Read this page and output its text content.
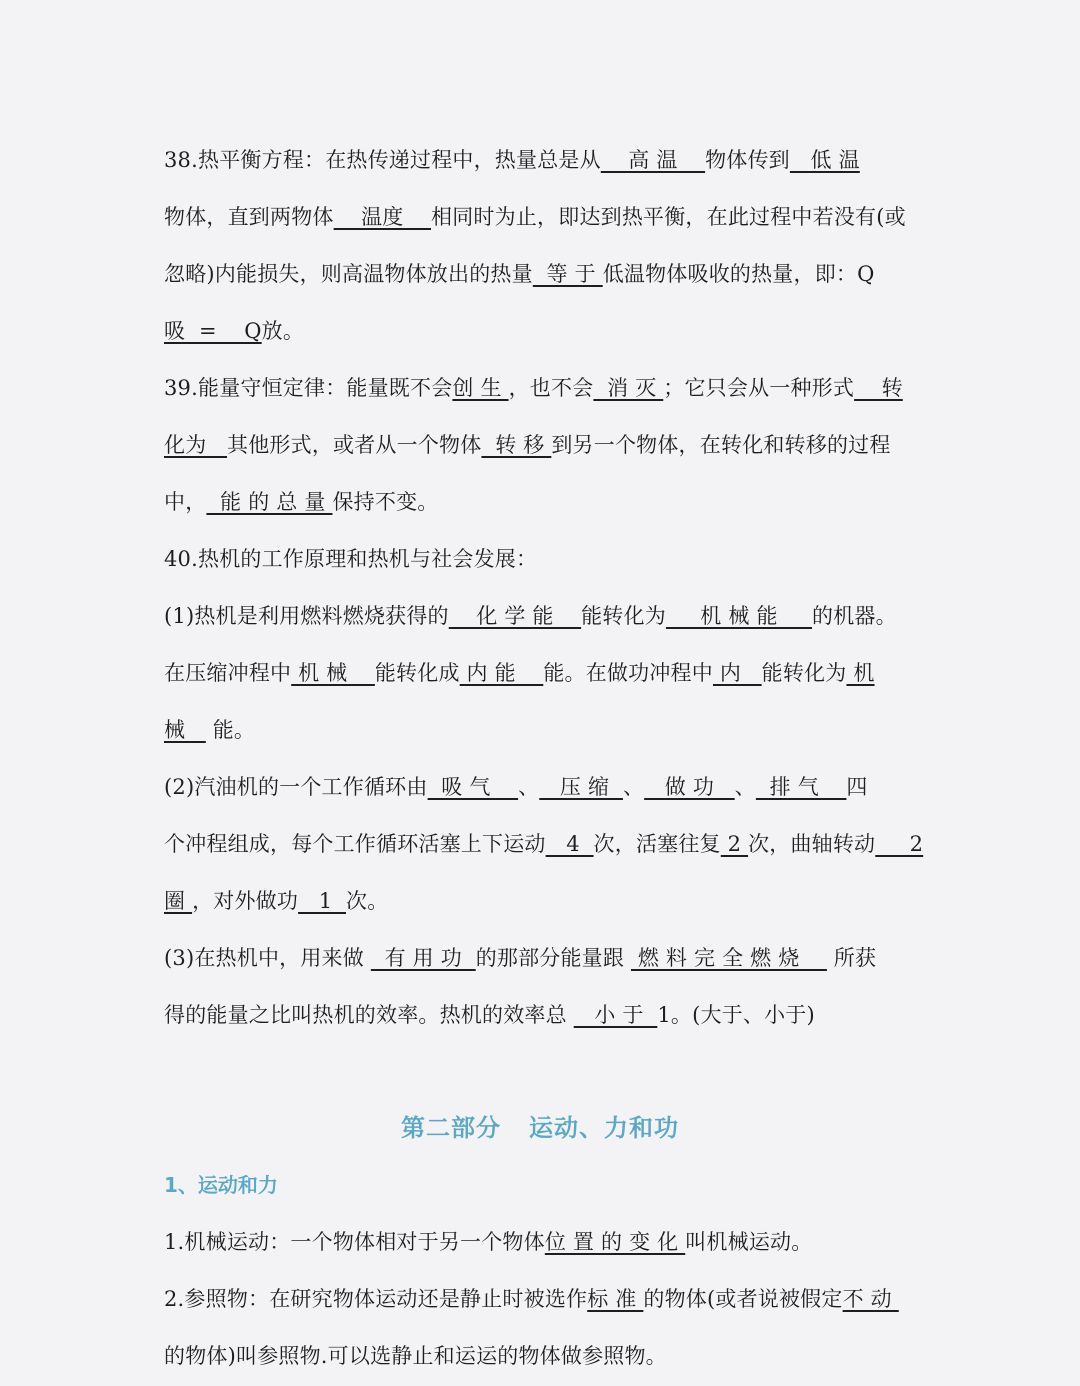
38.热平衡方程：在热传递过程中，热量总是从    高 温    物体传到   低 温
物体，直到两物体    温度    相同时为止，即达到热平衡，在此过程中若没有(或
忽略)内能损失，则高温物体放出的热量  等 于 低温物体吸收的热量，即：Q
吸  =    Q放。
39.能量守恒定律：能量既不会创 生 ，也不会  消 灭 ；它只会从一种形式    转
化为   其他形式，或者从一个物体  转 移 到另一个物体，在转化和转移的过程
中，  能 的 总 量 保持不变。
40.热机的工作原理和热机与社会发展：
(1)热机是利用燃料燃烧获得的    化 学 能    能转化为     机 械 能     的机器。
在压缩冲程中 机 械    能转化成 内 能    能。在做功冲程中 内   能转化为 机
械    能。
(2)汽油机的一个工作循环由  吸 气    、   压 缩  、   做 功   、  排 气    四
个冲程组成，每个工作循环活塞上下运动   4  次，活塞往复 2 次，曲轴转动     2
圈 ，对外做功   1  次。
(3)在热机中，用来做   有 用 功  的那部分能量跟  燃 料 完 全 燃 烧     所获
得的能量之比叫热机的效率。热机的效率总    小 于  1。(大于、小于)
第二部分 运动、力和功
1、运动和力
1.机械运动：一个物体相对于另一个物体位 置 的 变 化 叫机械运动。
2.参照物：在研究物体运动还是静止时被选作标 准 的物体(或者说被假定不 动
的物体)叫参照物.可以选静止和运运的物体做参照物。
